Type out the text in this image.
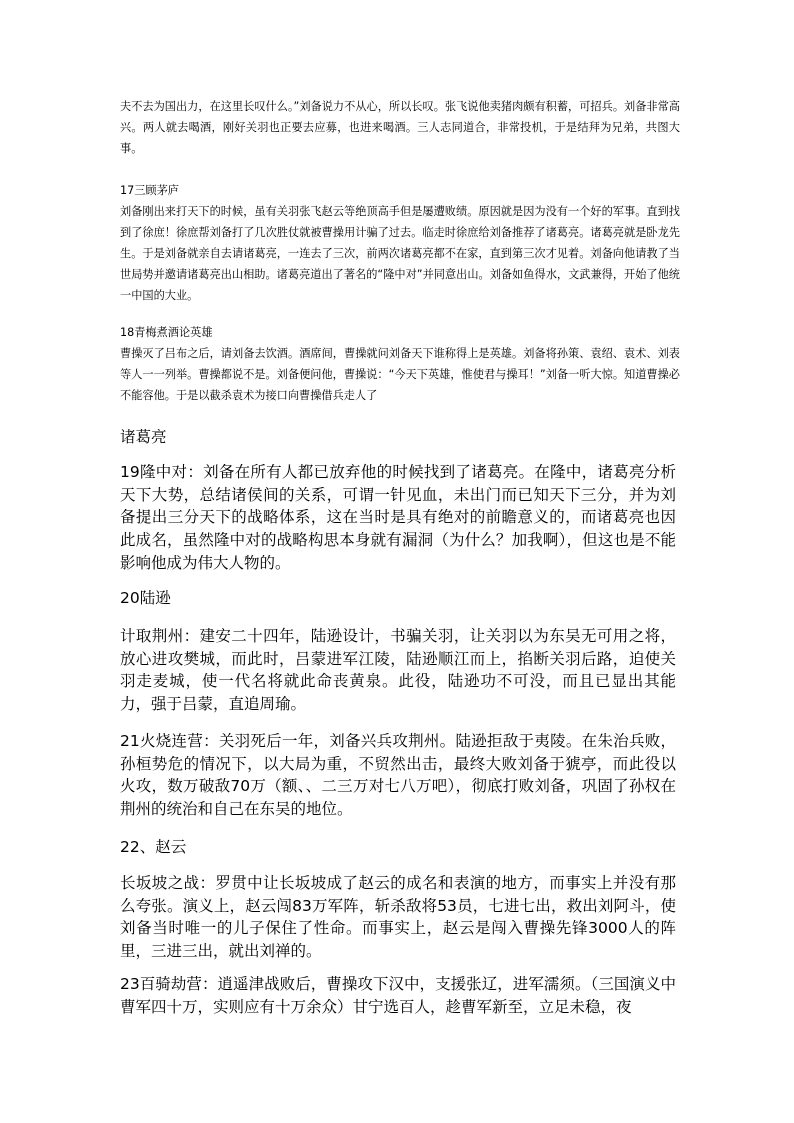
夫不去为国出力，在这里长叹什么。”刘备说力不从心，所以长叹。张飞说他卖猪肉颇有积蓄，可招兵。刘备非常高兴。两人就去喝酒，刚好关羽也正要去应募，也进来喝酒。三人志同道合，非常投机，于是结拜为兄弟，共图大事。

17三顾茅庐

刘备刚出来打天下的时候，虽有关羽张飞赵云等绝顶高手但是屡遭败绩。原因就是因为没有一个好的军事。直到找到了徐庶！徐庶帮刘备打了几次胜仗就被曹操用计骗了过去。临走时徐庶给刘备推荐了诸葛亮。诸葛亮就是卧龙先生。于是刘备就亲自去请诸葛亮，一连去了三次，前两次诸葛亮都不在家，直到第三次才见着。刘备向他请教了当世局势并邀请诸葛亮出山相助。诸葛亮道出了著名的“隆中对”并同意出山。刘备如鱼得水，文武兼得，开始了他统一中国的大业。

18青梅煮酒论英雄

曹操灭了吕布之后，请刘备去饮酒。酒席间，曹操就问刘备天下谁称得上是英雄。刘备将孙策、袁绍、袁术、刘表等人一一列举。曹操都说不是。刘备便问他，曹操说：“今天下英雄，惟使君与操耳！”刘备一听大惊。知道曹操必不能容他。于是以截杀袁术为接口向曹操借兵走人了

诸葛亮

19隆中对：刘备在所有人都已放弃他的时候找到了诸葛亮。在隆中，诸葛亮分析天下大势，总结诸侯间的关系，可谓一针见血，未出门而已知天下三分，并为刘备提出三分天下的战略体系，这在当时是具有绝对的前瞻意义的，而诸葛亮也因此成名，虽然隆中对的战略构思本身就有漏洞（为什么？加我啊），但这也是不能影响他成为伟大人物的。

20陆逊

计取荆州：建安二十四年，陆逊设计，书骗关羽，让关羽以为东吴无可用之将，放心进攻樊城，而此时，吕蒙进军江陵，陆逊顺江而上，掐断关羽后路，迫使关羽走麦城，使一代名将就此命丧黄泉。此役，陆逊功不可没，而且已显出其能力，强于吕蒙，直追周瑜。

21火烧连营：关羽死后一年，刘备兴兵攻荆州。陆逊拒敌于夷陵。在朱治兵败，孙桓势危的情况下，以大局为重，不贸然出击，最终大败刘备于猇亭，而此役以火攻，数万破敌70万（额、、二三万对七八万吧），彻底打败刘备，巩固了孙权在荆州的统治和自己在东吴的地位。

22、赵云

长坂坡之战：罗贯中让长坂坡成了赵云的成名和表演的地方，而事实上并没有那么夸张。演义上，赵云闯83万军阵，斩杀敌将53员，七进七出，救出刘阿斗，使刘备当时唯一的儿子保住了性命。而事实上，赵云是闯入曹操先锋3000人的阵里，三进三出，就出刘禅的。

23百骑劫营：逍遥津战败后，曹操攻下汉中，支援张辽，进军濡须。（三国演义中曹军四十万，实则应有十万余众）甘宁选百人，趁曹军新至，立足未稳，夜
